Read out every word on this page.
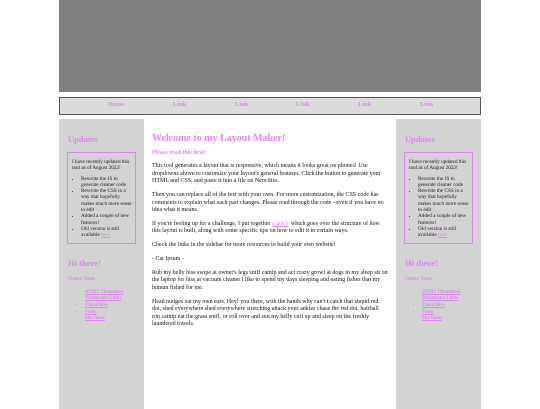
Home	Link	Link	Link	Link	Link
Updates

I have recently updated this tool as of August 2022!

• Rewrote the JS to generate cleaner code
• Rewrote the CSS in a way that hopefully makes much more sense to edit
• Added a couple of new features!
• Old version is still available here
Hi there!
Other Tools
• HTML Cheatsheet
• Webmaster Links
• Third Hive
• Fonts
• Site Ideas
Welcome to my Layout Maker!
Please read this first!

This tool generates a layout that is responsive, which means it looks great on phones! Use dropdowns above to customize your layout's general features. Click the button to generate your HTML and CSS, and paste it into a file on Neocities.

Then you can replace all of the text with your own. For more customization, the CSS code has comments to explain what each part changes. Please read through the code - even if you have no idea what it means.

If you're feeling up for a challenge, I put together a guide which goes over the structure of how this layout is built, along with some specific tips on how to edit it in certain ways.

Check the links in the sidebar for more resources to build your own website!

- Cat Ipsum -

Rub my belly hiss swipe at owner's legs sniff catnip and act crazy growl at dogs in my sleep sit on the laptop for hiss at vacuum cleaner i like to spend my days sleeping and eating fishes that my human fished for me.

Head nudges eat my own ears. Hey! you there, with the hands why can't i catch that stupid red dot, shed everywhere shed everywhere stretching attack your ankles chase the red dot, hairball run catnip eat the grass sniff, or roll over and sun my belly curl up and sleep on the freshly laundered towels.

Updates

I have recently updated this tool as of August 2022!

• Rewrote the JS to generate cleaner code
• Rewrote the CSS in a way that hopefully makes much more sense to edit
• Added a couple of new features!
• Old version is still available here
Hi there!
Other Tools
• HTML Cheatsheet
• Webmaster Links
• Third Hive
• Fonts
• Site Ideas
